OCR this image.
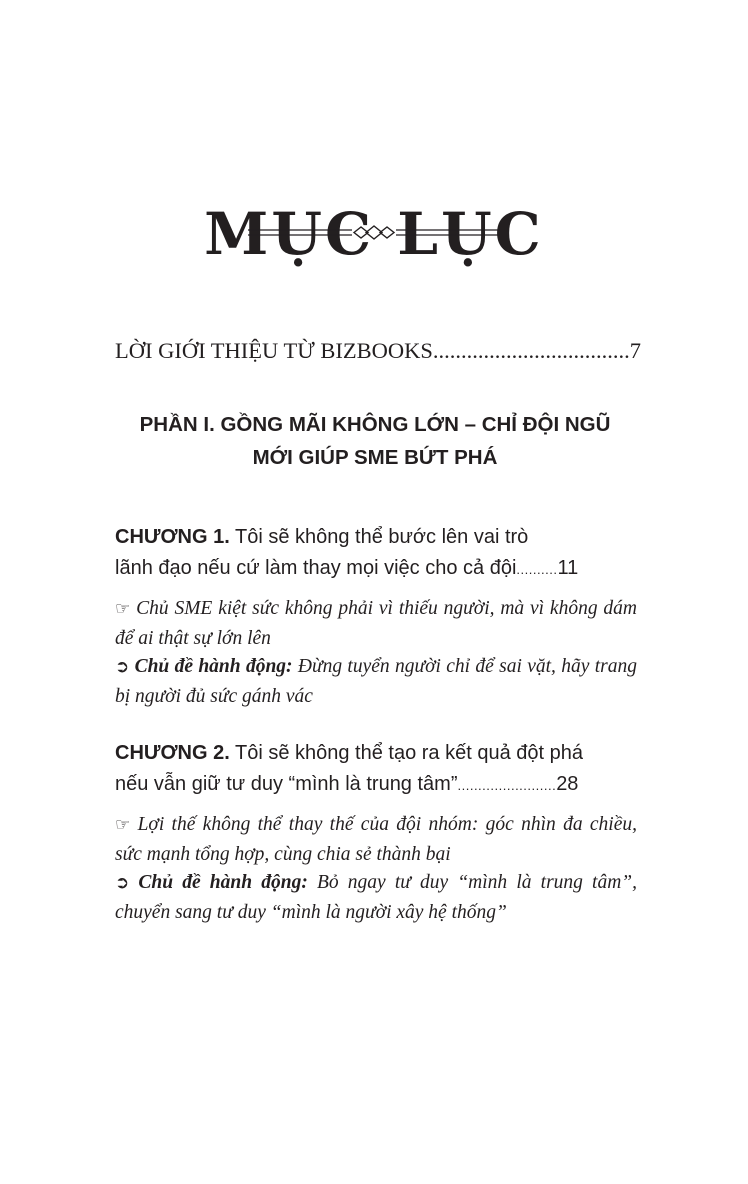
MỤC LỤC
LỜI GIỚI THIỆU TỪ BIZBOOKS...................................7
PHẦN I. GỒNG MÃI KHÔNG LỚN – CHỈ ĐỘI NGŨ
MỚI GIÚP SME BỨT PHÁ
CHƯƠNG 1. Tôi sẽ không thể bước lên vai trò
lãnh đạo nếu cứ làm thay mọi việc cho cả đội..........11
☞ Chủ SME kiệt sức không phải vì thiếu người, mà vì không dám để ai thật sự lớn lên
➲ Chủ đề hành động: Đừng tuyển người chỉ để sai vặt, hãy trang bị người đủ sức gánh vác
CHƯƠNG 2. Tôi sẽ không thể tạo ra kết quả đột phá
nếu vẫn giữ tư duy “mình là trung tâm”........................28
☞ Lợi thế không thể thay thế của đội nhóm: góc nhìn đa chiều, sức mạnh tổng hợp, cùng chia sẻ thành bại
➲ Chủ đề hành động: Bỏ ngay tư duy “mình là trung tâm”, chuyển sang tư duy “mình là người xây hệ thống”
